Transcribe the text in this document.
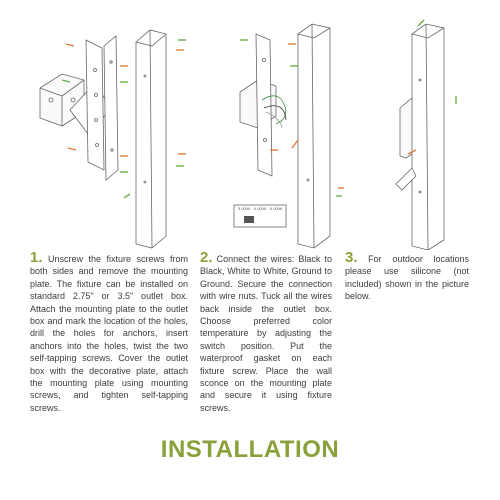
3,000K 4,000K 5,000K
1. Unscrew the fixture screws from both sides and remove the mounting plate. The fixture can be installed on standard 2.75" or 3.5" outlet box. Attach the mounting plate to the outlet box and mark the location of the holes, drill the holes for anchors, insert anchors into the holes, twist the two self-tapping screws. Cover the outlet box with the decorative plate, attach the mounting plate using mounting screws, and tighten self-tapping screws.
2. Connect the wires: Black to Black, White to White, Ground to Ground. Secure the connection with wire nuts. Tuck all the wires back inside the outlet box. Choose preferred color temperature by adjusting the switch position. Put the waterproof gasket on each fixture screw. Place the wall sconce on the mounting plate and secure it using fixture screws.
3. For outdoor locations please use silicone (not included) shown in the picture below.
INSTALLATION
